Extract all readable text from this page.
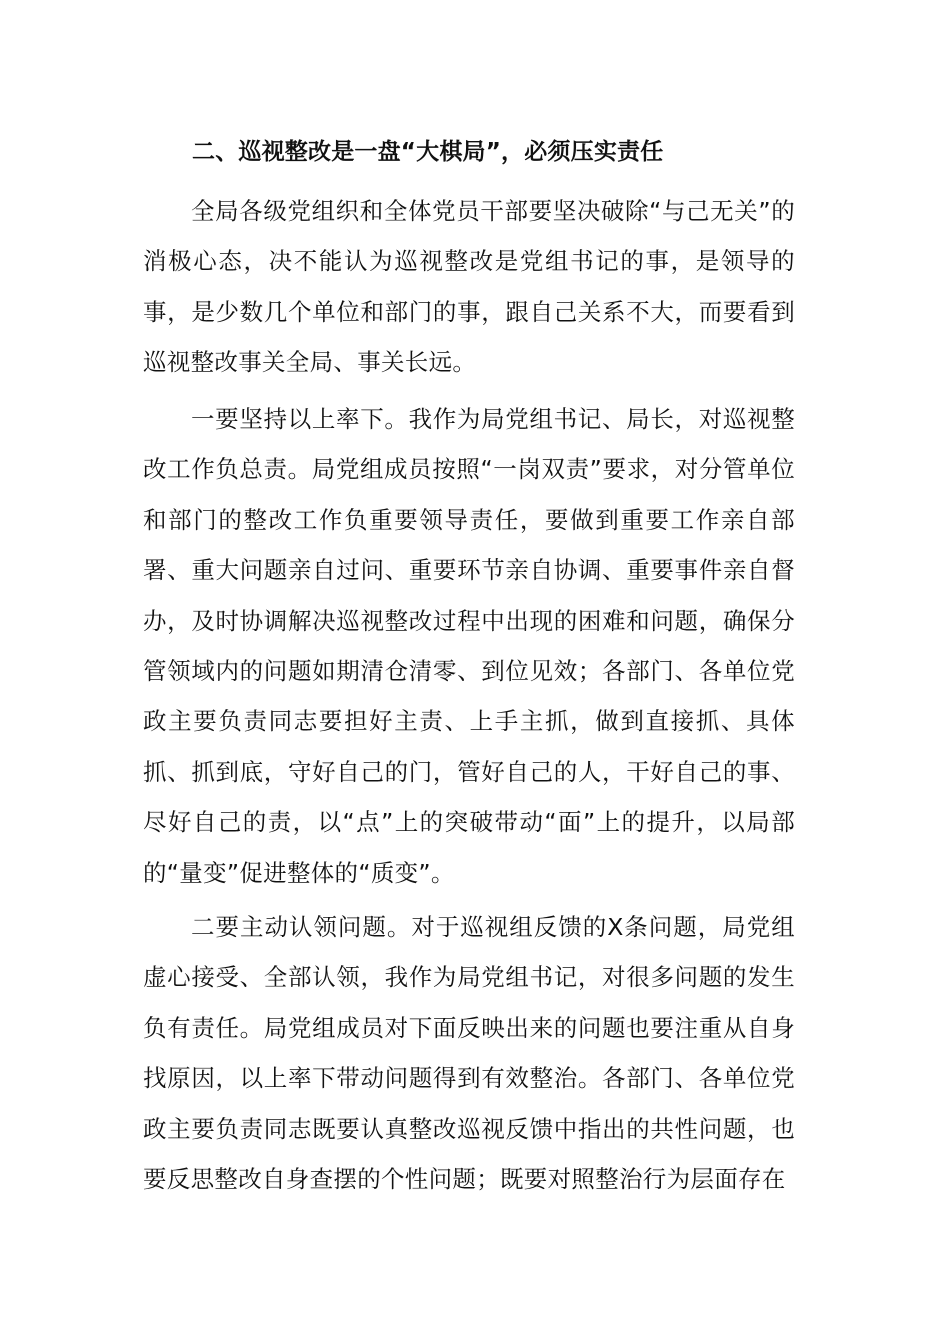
二、巡视整改是一盘“大棋局”，必须压实责任

全局各级党组织和全体党员干部要坚决破除“与己无关”的消极心态，决不能认为巡视整改是党组书记的事，是领导的事，是少数几个单位和部门的事，跟自己关系不大，而要看到巡视整改事关全局、事关长远。

一要坚持以上率下。我作为局党组书记、局长，对巡视整改工作负总责。局党组成员按照“一岗双责”要求，对分管单位和部门的整改工作负重要领导责任，要做到重要工作亲自部署、重大问题亲自过问、重要环节亲自协调、重要事件亲自督办，及时协调解决巡视整改过程中出现的困难和问题，确保分管领域内的问题如期清仓清零、到位见效；各部门、各单位党政主要负责同志要担好主责、上手主抓，做到直接抓、具体抓、抓到底，守好自己的门，管好自己的人，干好自己的事、尽好自己的责，以“点”上的突破带动“面”上的提升，以局部的“量变”促进整体的“质变”。

二要主动认领问题。对于巡视组反馈的X条问题，局党组虚心接受、全部认领，我作为局党组书记，对很多问题的发生负有责任。局党组成员对下面反映出来的问题也要注重从自身找原因，以上率下带动问题得到有效整治。各部门、各单位党政主要负责同志既要认真整改巡视反馈中指出的共性问题，也要反思整改自身查摆的个性问题；既要对照整治行为层面存在
